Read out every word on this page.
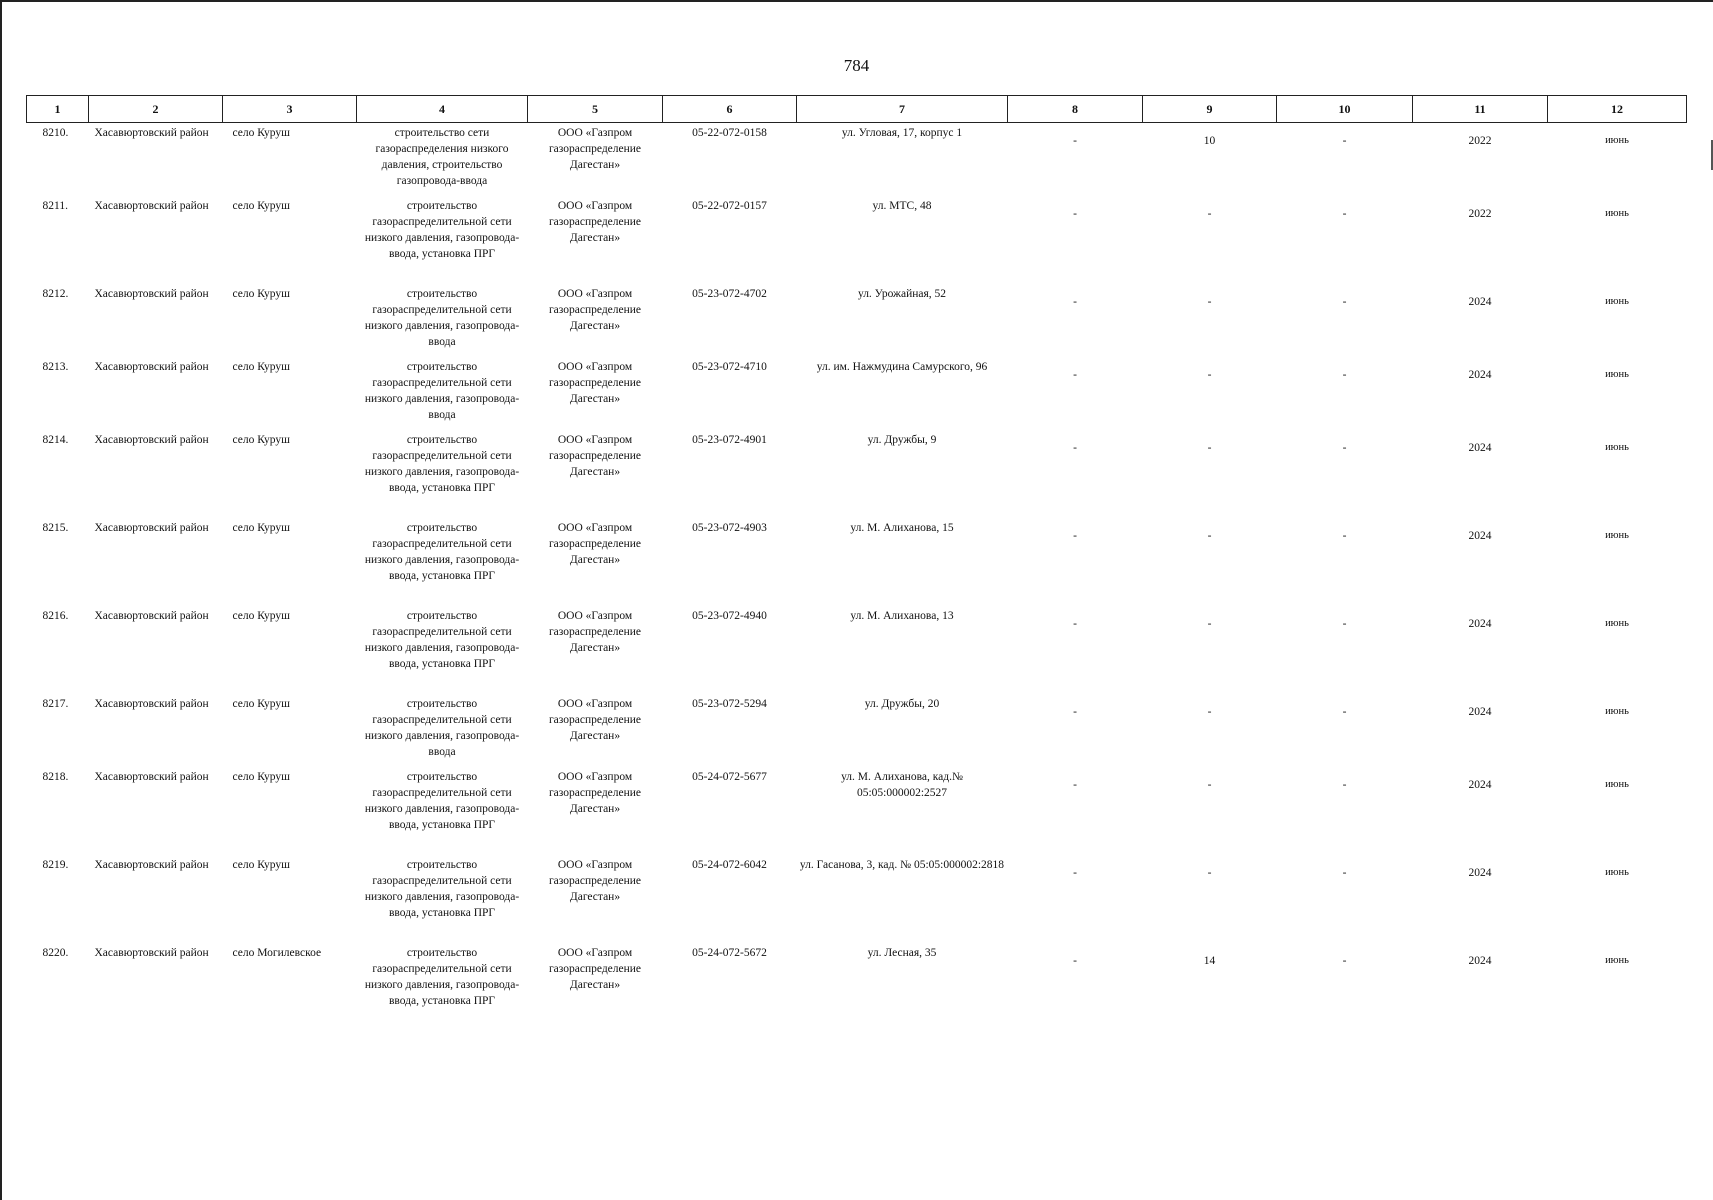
784
1	2	3	4	5	6	7	8	9	10	11	12
8210.	Хасавюртовский район	село Куруш	строительство сети газораспределения низкого давления, строительство газопровода-ввода	ООО «Газпром газораспределение Дагестан»	05-22-072-0158	ул. Угловая, 17, корпус 1	-	10	-	2022	июнь
8211.	Хасавюртовский район	село Куруш	строительство газораспределительной сети низкого давления, газопровода-ввода, установка ПРГ	ООО «Газпром газораспределение Дагестан»	05-22-072-0157	ул. МТС, 48	-	-	-	2022	июнь
8212.	Хасавюртовский район	село Куруш	строительство газораспределительной сети низкого давления, газопровода-ввода	ООО «Газпром газораспределение Дагестан»	05-23-072-4702	ул. Урожайная, 52	-	-	-	2024	июнь
8213.	Хасавюртовский район	село Куруш	строительство газораспределительной сети низкого давления, газопровода-ввода	ООО «Газпром газораспределение Дагестан»	05-23-072-4710	ул. им. Нажмудина Самурского, 96	-	-	-	2024	июнь
8214.	Хасавюртовский район	село Куруш	строительство газораспределительной сети низкого давления, газопровода-ввода, установка ПРГ	ООО «Газпром газораспределение Дагестан»	05-23-072-4901	ул. Дружбы, 9	-	-	-	2024	июнь
8215.	Хасавюртовский район	село Куруш	строительство газораспределительной сети низкого давления, газопровода-ввода, установка ПРГ	ООО «Газпром газораспределение Дагестан»	05-23-072-4903	ул. М. Алиханова, 15	-	-	-	2024	июнь
8216.	Хасавюртовский район	село Куруш	строительство газораспределительной сети низкого давления, газопровода-ввода, установка ПРГ	ООО «Газпром газораспределение Дагестан»	05-23-072-4940	ул. М. Алиханова, 13	-	-	-	2024	июнь
8217.	Хасавюртовский район	село Куруш	строительство газораспределительной сети низкого давления, газопровода-ввода	ООО «Газпром газораспределение Дагестан»	05-23-072-5294	ул. Дружбы, 20	-	-	-	2024	июнь
8218.	Хасавюртовский район	село Куруш	строительство газораспределительной сети низкого давления, газопровода-ввода, установка ПРГ	ООО «Газпром газораспределение Дагестан»	05-24-072-5677	ул. М. Алиханова, кад.№ 05:05:000002:2527	-	-	-	2024	июнь
8219.	Хасавюртовский район	село Куруш	строительство газораспределительной сети низкого давления, газопровода-ввода, установка ПРГ	ООО «Газпром газораспределение Дагестан»	05-24-072-6042	ул. Гасанова, 3, кад. № 05:05:000002:2818	-	-	-	2024	июнь
8220.	Хасавюртовский район	село Могилевское	строительство газораспределительной сети низкого давления, газопровода-ввода, установка ПРГ	ООО «Газпром газораспределение Дагестан»	05-24-072-5672	ул. Лесная, 35	-	14	-	2024	июнь
